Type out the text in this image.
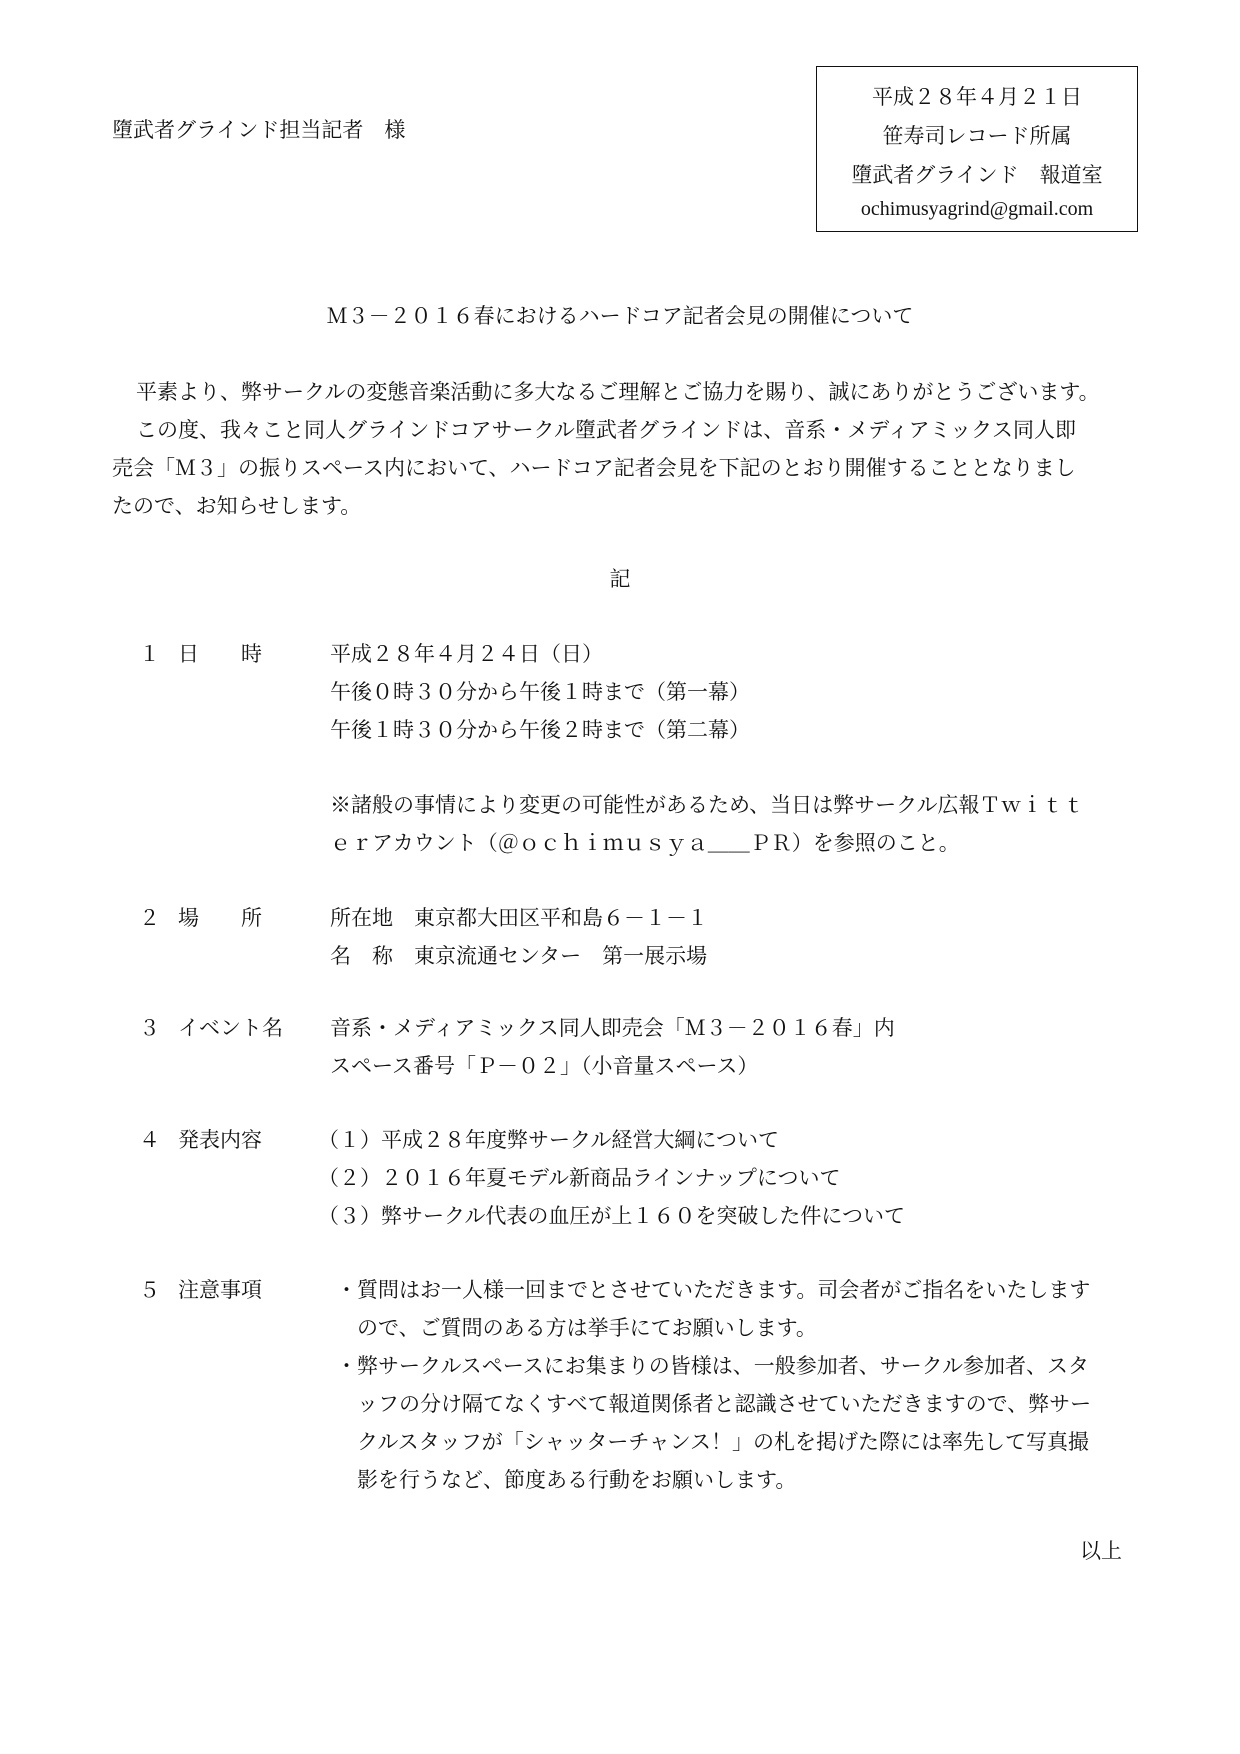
墮武者グラインド担当記者　様
平成２８年４月２１日
笹寿司レコード所属
墮武者グラインド　報道室
ochimusyagrind@gmail.com
Ｍ３－２０１６春におけるハードコア記者会見の開催について
平素より、弊サークルの変態音楽活動に多大なるご理解とご協力を賜り、誠にありがとうございます。
この度、我々こと同人グラインドコアサークル墮武者グラインドは、音系・メディアミックス同人即
売会「Ｍ３」の振りスペース内において、ハードコア記者会見を下記のとおり開催することとなりまし
たので、お知らせします。
記
１ 日　　時	平成２８年４月２４日（日）
午後０時３０分から午後１時まで（第一幕）
午後１時３０分から午後２時まで（第二幕）
※諸般の事情により変更の可能性があるため、当日は弊サークル広報Ｔｗｉｔｔ
ｅｒアカウント（＠ｏｃｈｉｍｕｓｙａ＿＿ＰＲ）を参照のこと。
２ 場　　所	所在地　東京都大田区平和島６－１－１
名　称　東京流通センター　第一展示場
３ イベント名 音系・メディアミックス同人即売会「Ｍ３－２０１６春」内
スペース番号「Ｐ－０２」（小音量スペース）
４ 発表内容	（１）平成２８年度弊サークル経営大綱について
（２）２０１６年夏モデル新商品ラインナップについて
（３）弊サークル代表の血圧が上１６０を突破した件について
５ 注意事項	・質問はお一人様一回までとさせていただきます。司会者がご指名をいたします
　ので、ご質問のある方は挙手にてお願いします。
・弊サークルスペースにお集まりの皆様は、一般参加者、サークル参加者、スタ
　ッフの分け隔てなくすべて報道関係者と認識させていただきますので、弊サー
　クルスタッフが「シャッターチャンス！」の札を掲げた際には率先して写真撮
　影を行うなど、節度ある行動をお願いします。
以上
